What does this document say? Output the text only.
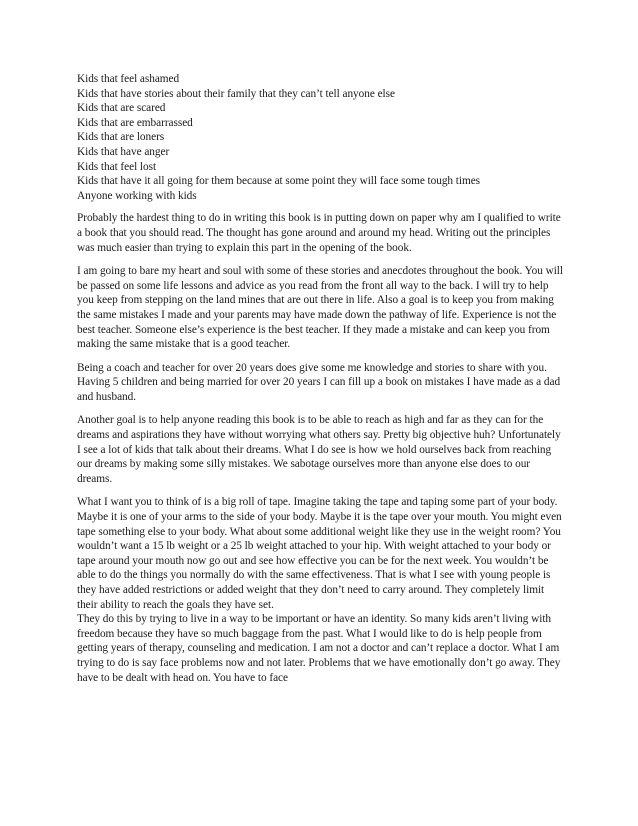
Kids that feel ashamed
Kids that have stories about their family that they can’t tell anyone else
Kids that are scared
Kids that are embarrassed
Kids that are loners
Kids that have anger
Kids that feel lost
Kids that have it all going for them because at some point they will face some tough times
Anyone working with kids

Probably the hardest thing to do in writing this book is in putting down on paper why am I qualified to write a book that you should read. The thought has gone around and around my head. Writing out the principles was much easier than trying to explain this part in the opening of the book.

I am going to bare my heart and soul with some of these stories and anecdotes throughout the book. You will be passed on some life lessons and advice as you read from the front all way to the back. I will try to help you keep from stepping on the land mines that are out there in life. Also a goal is to keep you from making the same mistakes I made and your parents may have made down the pathway of life. Experience is not the best teacher. Someone else’s experience is the best teacher. If they made a mistake and can keep you from making the same mistake that is a good teacher.

Being a coach and teacher for over 20 years does give some me knowledge and stories to share with you. Having 5 children and being married for over 20 years I can fill up a book on mistakes I have made as a dad and husband.

Another goal is to help anyone reading this book is to be able to reach as high and far as they can for the dreams and aspirations they have without worrying what others say. Pretty big objective huh? Unfortunately I see a lot of kids that talk about their dreams. What I do see is how we hold ourselves back from reaching our dreams by making some silly mistakes. We sabotage ourselves more than anyone else does to our dreams.

What I want you to think of is a big roll of tape. Imagine taking the tape and taping some part of your body. Maybe it is one of your arms to the side of your body. Maybe it is the tape over your mouth. You might even tape something else to your body. What about some additional weight like they use in the weight room? You wouldn’t want a 15 lb weight or a 25 lb weight attached to your hip. With weight attached to your body or tape around your mouth now go out and see how effective you can be for the next week. You wouldn’t be able to do the things you normally do with the same effectiveness. That is what I see with young people is they have added restrictions or added weight that they don’t need to carry around. They completely limit their ability to reach the goals they have set.

They do this by trying to live in a way to be important or have an identity. So many kids aren’t living with freedom because they have so much baggage from the past. What I would like to do is help people from getting years of therapy, counseling and medication. I am not a doctor and can’t replace a doctor. What I am trying to do is say face problems now and not later. Problems that we have emotionally don’t go away. They have to be dealt with head on. You have to face
